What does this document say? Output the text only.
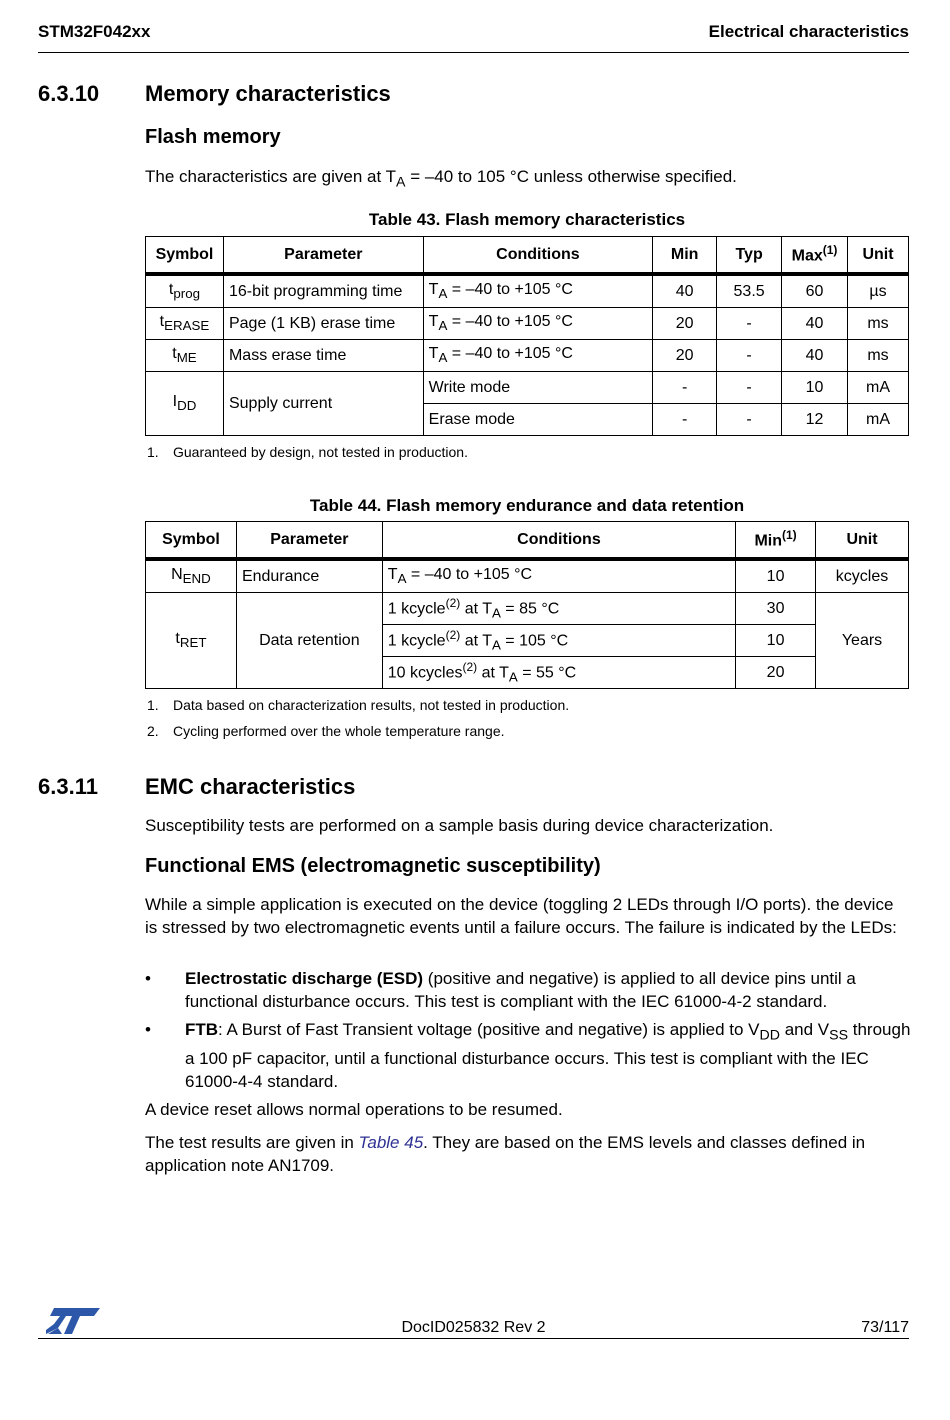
STM32F042xx	Electrical characteristics
6.3.10 Memory characteristics
Flash memory
The characteristics are given at $T_A = -40$ to 105 °C unless otherwise specified.
Table 43. Flash memory characteristics
Symbol	Parameter	Conditions	Min	Typ	Max$^{(1)}$	Unit
$t_{prog}$	16-bit programming time	$T_A = -40$ to +105 °C	40	53.5	60	µs
$t_{ERASE}$	Page (1 KB) erase time	$T_A = -40$ to +105 °C	20	-	40	ms
$t_{ME}$	Mass erase time	$T_A = -40$ to +105 °C	20	-	40	ms
$I_{DD}$	Supply current	Write mode	-	-	10	mA
		Erase mode	-	-	12	mA
1. Guaranteed by design, not tested in production.
Table 44. Flash memory endurance and data retention
Symbol	Parameter	Conditions	Min$^{(1)}$	Unit
$N_{END}$	Endurance	$T_A = -40$ to +105 °C	10	kcycles
$t_{RET}$	Data retention	1 kcycle$^{(2)}$ at $T_A = 85$ °C	30	Years
		1 kcycle$^{(2)}$ at $T_A = 105$ °C	10	
		10 kcycles$^{(2)}$ at $T_A = 55$ °C	20	
1. Data based on characterization results, not tested in production.
2. Cycling performed over the whole temperature range.
6.3.11 EMC characteristics
Susceptibility tests are performed on a sample basis during device characterization.
Functional EMS (electromagnetic susceptibility)
While a simple application is executed on the device (toggling 2 LEDs through I/O ports). the device is stressed by two electromagnetic events until a failure occurs. The failure is indicated by the LEDs:
• Electrostatic discharge (ESD) (positive and negative) is applied to all device pins until a functional disturbance occurs. This test is compliant with the IEC 61000-4-2 standard.
• FTB: A Burst of Fast Transient voltage (positive and negative) is applied to $V_{DD}$ and $V_{SS}$ through a 100 pF capacitor, until a functional disturbance occurs. This test is compliant with the IEC 61000-4-4 standard.
A device reset allows normal operations to be resumed.
The test results are given in Table 45. They are based on the EMS levels and classes defined in application note AN1709.
DocID025832 Rev 2	73/117
